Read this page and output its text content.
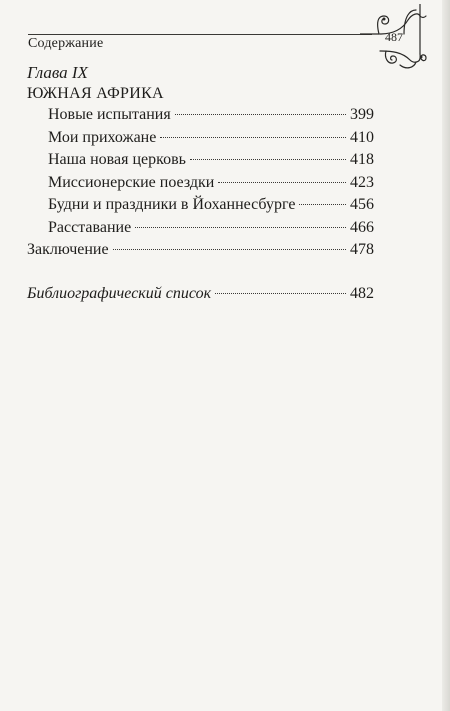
Содержание	487
Глава IX
ЮЖНАЯ АФРИКА
Новые испытания	399
Мои прихожане	410
Наша новая церковь	418
Миссионерские поездки	423
Будни и праздники в Йоханнесбурге	456
Расставание	466
Заключение	478
Библиографический список	482
